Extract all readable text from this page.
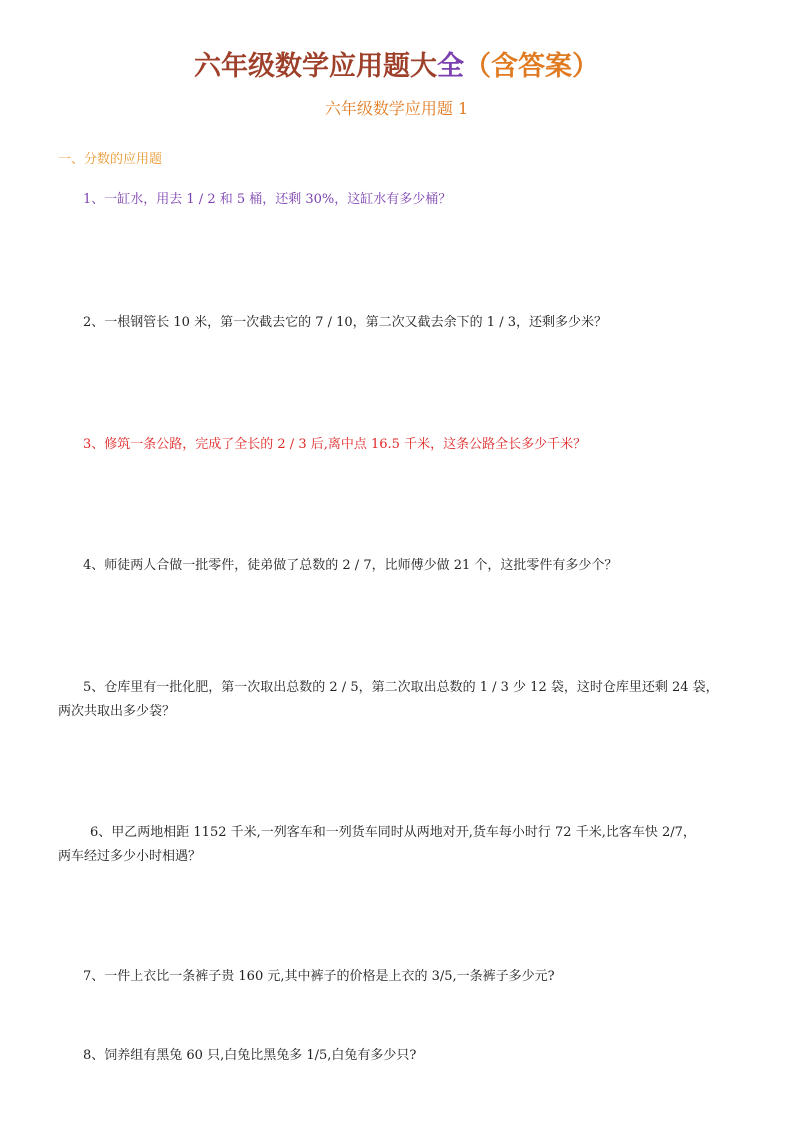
六年级数学应用题大全（含答案）
六年级数学应用题 1
一、分数的应用题
1、一缸水，用去 1 / 2 和 5 桶，还剩 30%，这缸水有多少桶？
2、一根钢管长 10 米，第一次截去它的 7 / 10，第二次又截去余下的 1 / 3，还剩多少米？
3、修筑一条公路，完成了全长的 2 / 3 后,离中点 16.5 千米，这条公路全长多少千米？
4、师徒两人合做一批零件，徒弟做了总数的 2 / 7，比师傅少做 21 个，这批零件有多少个？
5、仓库里有一批化肥，第一次取出总数的 2 / 5，第二次取出总数的 1 / 3 少 12 袋，这时仓库里还剩 24 袋，
两次共取出多少袋？
6、甲乙两地相距 1152 千米,一列客车和一列货车同时从两地对开,货车每小时行 72 千米,比客车快 2/7，
两车经过多少小时相遇？
7、一件上衣比一条裤子贵 160 元,其中裤子的价格是上衣的 3/5,一条裤子多少元?
8、饲养组有黑兔 60 只,白兔比黑兔多 1/5,白兔有多少只?
